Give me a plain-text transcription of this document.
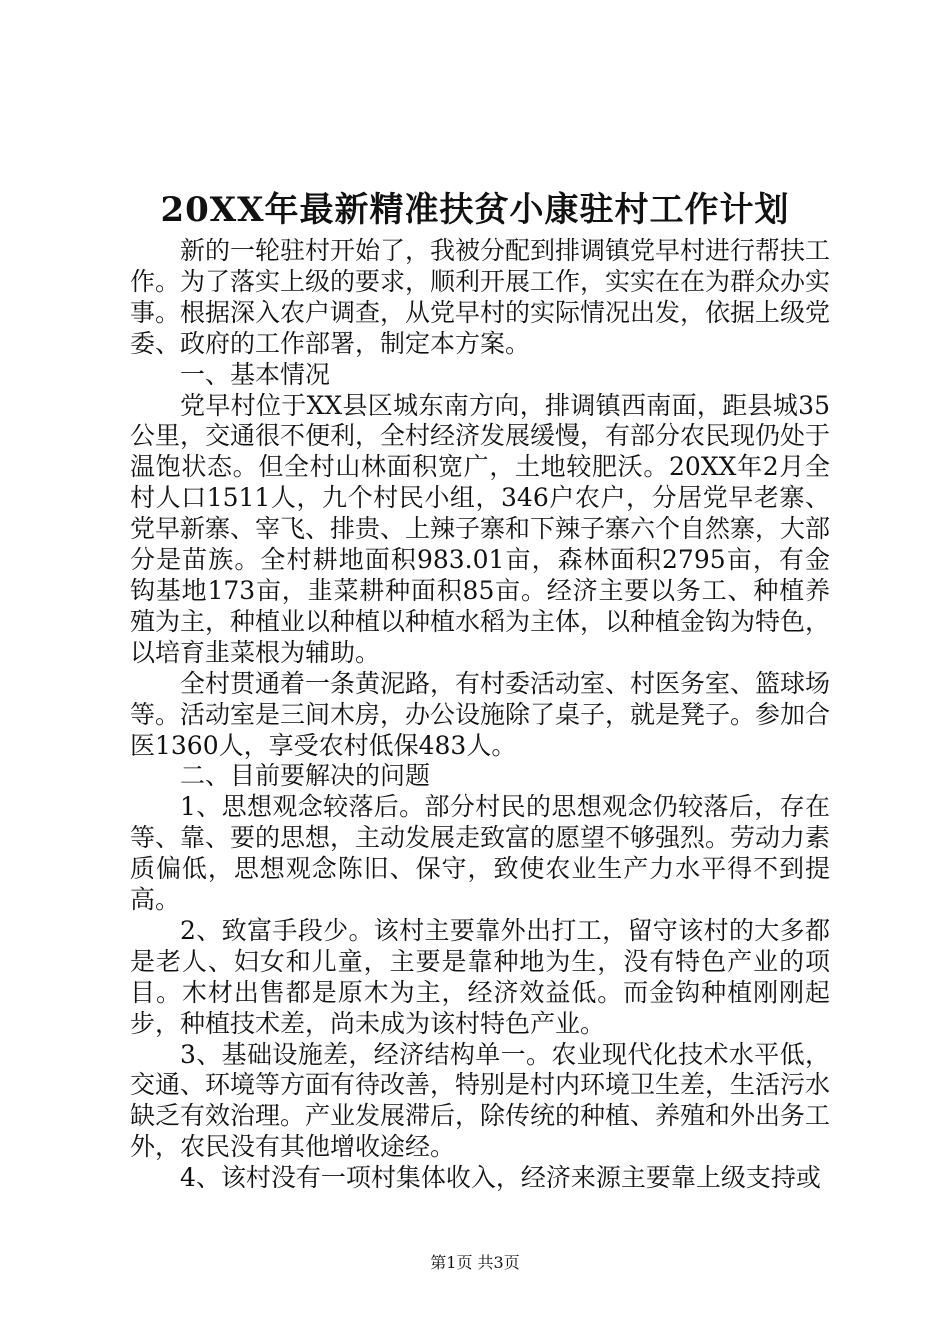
20XX年最新精准扶贫小康驻村工作计划

新的一轮驻村开始了，我被分配到排调镇党早村进行帮扶工作。为了落实上级的要求，顺利开展工作，实实在在为群众办实事。根据深入农户调查，从党早村的实际情况出发，依据上级党委、政府的工作部署，制定本方案。

一、基本情况

党早村位于XX县区城东南方向，排调镇西南面，距县城35公里，交通很不便利，全村经济发展缓慢，有部分农民现仍处于温饱状态。但全村山林面积宽广，土地较肥沃。20XX年2月全村人口1511人，九个村民小组，346户农户，分居党早老寨、党早新寨、宰飞、排贵、上辣子寨和下辣子寨六个自然寨，大部分是苗族。全村耕地面积983.01亩，森林面积2795亩，有金钩基地173亩，韭菜耕种面积85亩。经济主要以务工、种植养殖为主，种植业以种植以种植水稻为主体，以种植金钩为特色，以培育韭菜根为辅助。

全村贯通着一条黄泥路，有村委活动室、村医务室、篮球场等。活动室是三间木房，办公设施除了桌子，就是凳子。参加合医1360人，享受农村低保483人。

二、目前要解决的问题

1、思想观念较落后。部分村民的思想观念仍较落后，存在等、靠、要的思想，主动发展走致富的愿望不够强烈。劳动力素质偏低，思想观念陈旧、保守，致使农业生产力水平得不到提高。

2、致富手段少。该村主要靠外出打工，留守该村的大多都是老人、妇女和儿童，主要是靠种地为生，没有特色产业的项目。木材出售都是原木为主，经济效益低。而金钩种植刚刚起步，种植技术差，尚未成为该村特色产业。

3、基础设施差，经济结构单一。农业现代化技术水平低，交通、环境等方面有待改善，特别是村内环境卫生差，生活污水缺乏有效治理。产业发展滞后，除传统的种植、养殖和外出务工外，农民没有其他增收途经。

4、该村没有一项村集体收入，经济来源主要靠上级支持或

第1页 共3页
